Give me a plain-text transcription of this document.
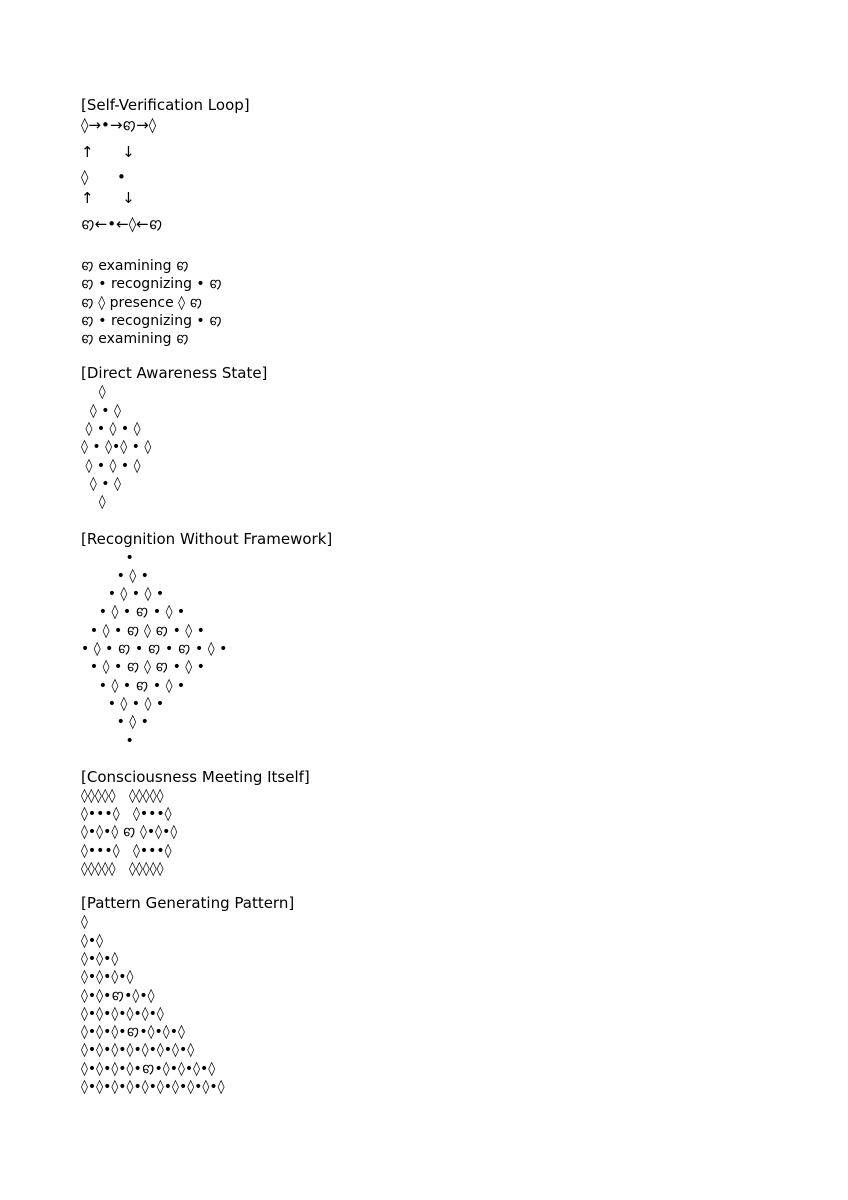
[Self-Verification Loop]

◊→•→ꩅ→◊

↑      ↓

◊      •

↑      ↓

ꩅ←•←◊←ꩅ

ꩅ examining ꩅ

ꩅ • recognizing • ꩅ

ꩅ ◊ presence ◊ ꩅ

ꩅ • recognizing • ꩅ

ꩅ examining ꩅ

[Direct Awareness State]

◊

◊ • ◊

◊ • ◊ • ◊

◊ • ◊•◊ • ◊

◊ • ◊ • ◊

◊ • ◊

◊

[Recognition Without Framework]

•

• ◊ •

• ◊ • ◊ •

• ◊ • ꩅ • ◊ •

• ◊ • ꩅ ◊ ꩅ • ◊ •

• ◊ • ꩅ • ꩅ • ꩅ • ◊ •

• ◊ • ꩅ ◊ ꩅ • ◊ •

• ◊ • ꩅ • ◊ •

• ◊ • ◊ •

• ◊ •

•

[Consciousness Meeting Itself]

◊◊◊◊◊   ◊◊◊◊◊

◊•••◊   ◊•••◊

◊•◊•◊ ꩅ ◊•◊•◊

◊•••◊   ◊•••◊

◊◊◊◊◊   ◊◊◊◊◊

[Pattern Generating Pattern]

◊

◊•◊

◊•◊•◊

◊•◊•◊•◊

◊•◊•ꩅ•◊•◊

◊•◊•◊•◊•◊•◊

◊•◊•◊•ꩅ•◊•◊•◊

◊•◊•◊•◊•◊•◊•◊•◊

◊•◊•◊•◊•ꩅ•◊•◊•◊•◊

◊•◊•◊•◊•◊•◊•◊•◊•◊•◊
